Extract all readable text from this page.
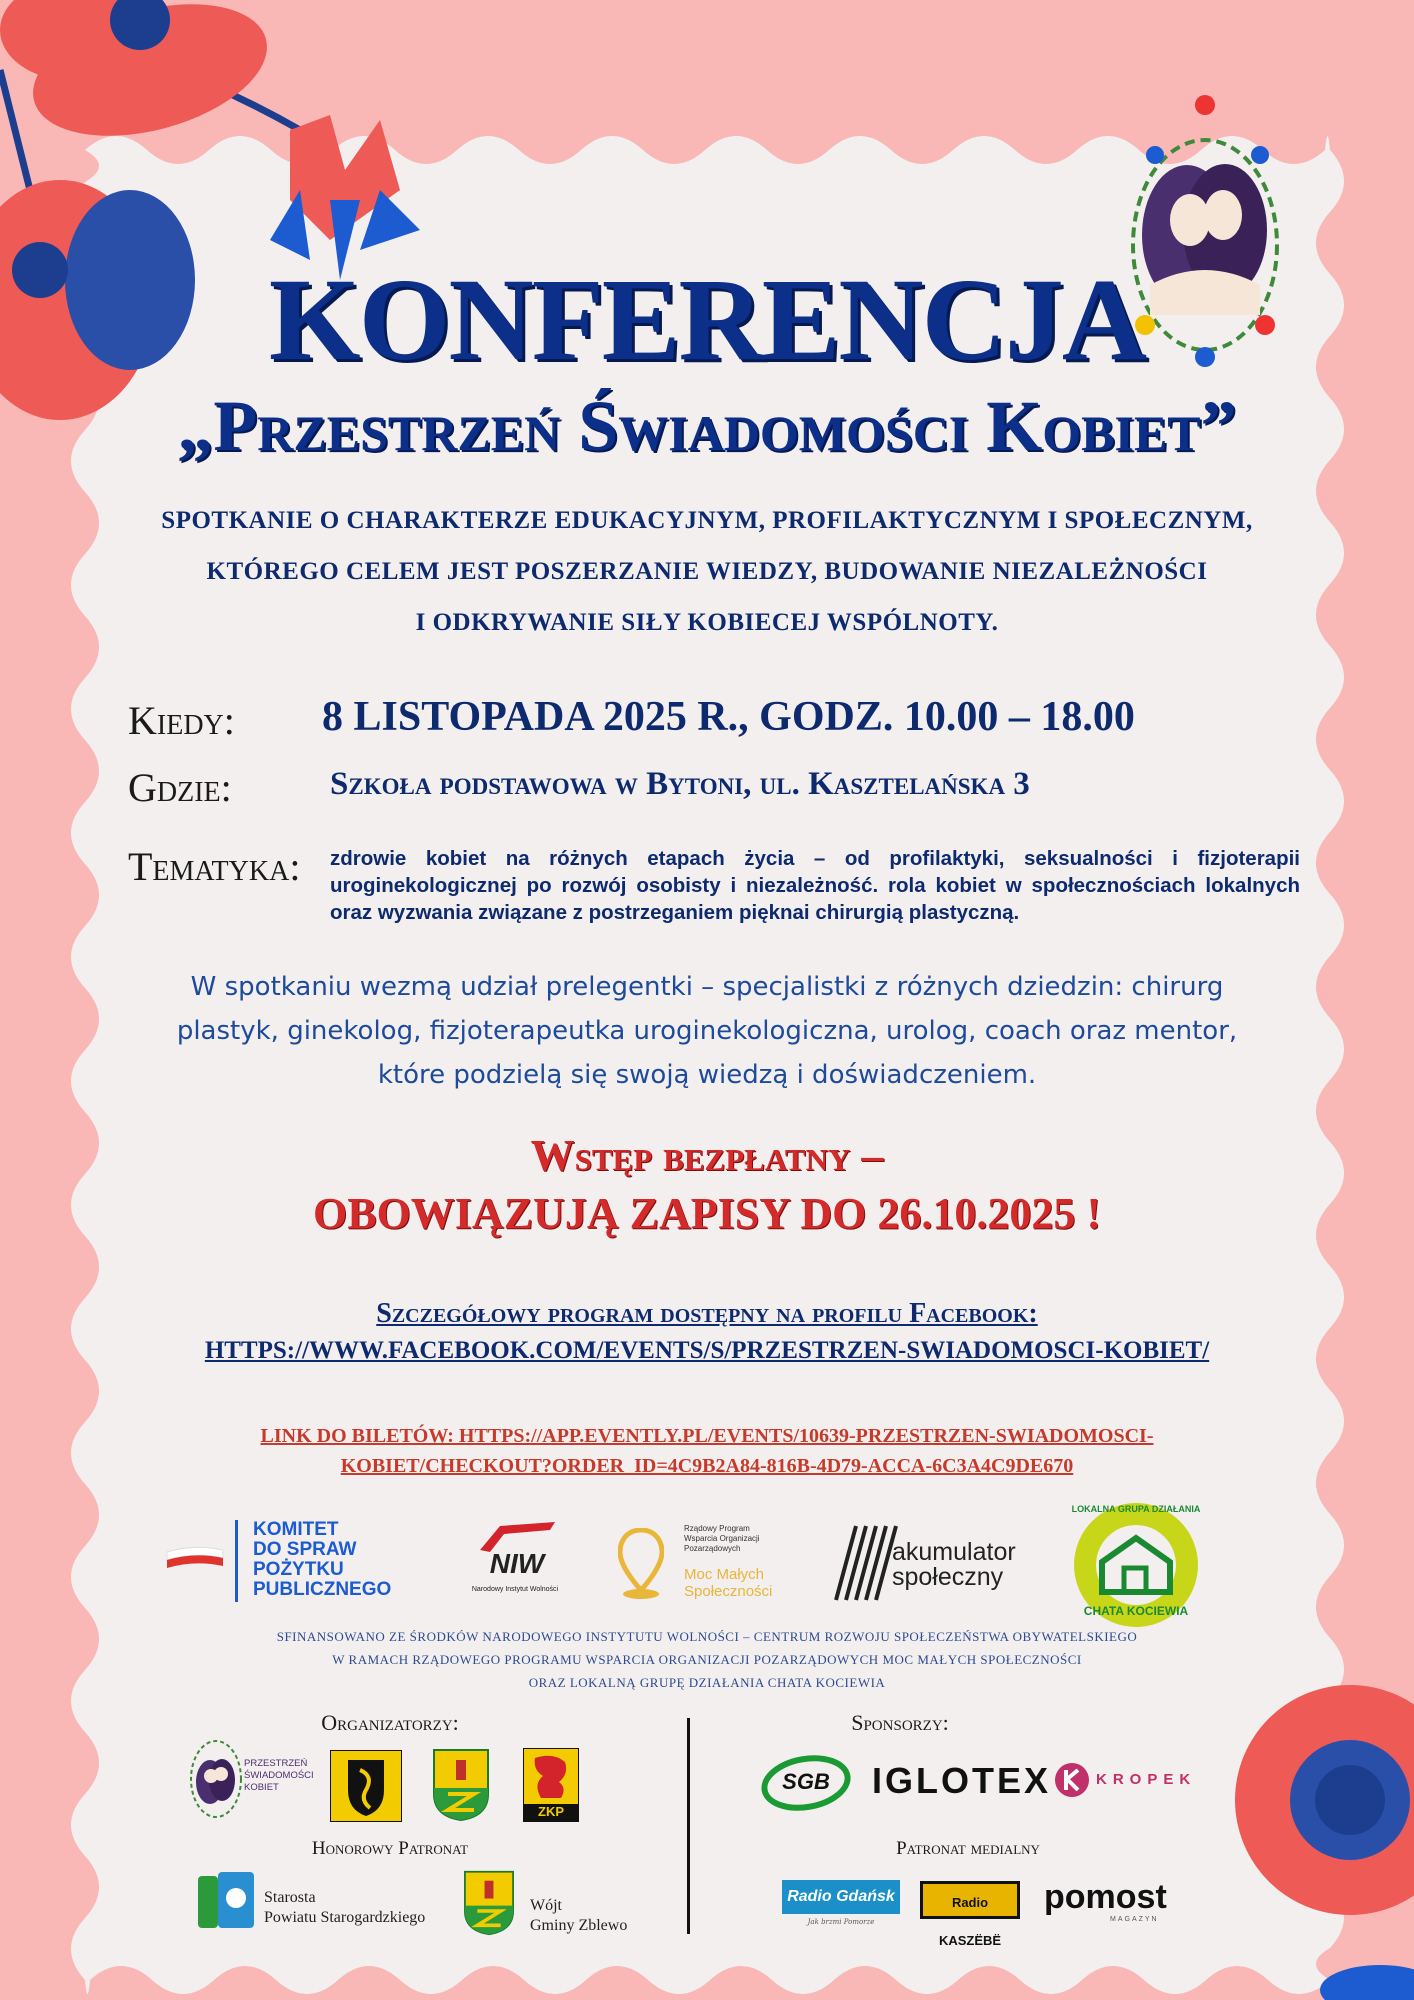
KONFERENCJA
„Przestrzeń Świadomości Kobiet”
SPOTKANIE O CHARAKTERZE EDUKACYJNYM, PROFILAKTYCZNYM I SPOŁECZNYM,
KTÓREGO CELEM JEST POSZERZANIE WIEDZY, BUDOWANIE NIEZALEŻNOŚCI
I ODKRYWANIE SIŁY KOBIECEJ WSPÓLNOTY.
Kiedy: 8 LISTOPADA 2025 R., GODZ. 10.00 – 18.00
Gdzie:	Szkoła podstawowa w Bytoni, ul. Kasztelańska 3
Tematyka: zdrowie kobiet na różnych etapach życia – od profilaktyki, seksualności i fizjoterapii uroginekologicznej po rozwój osobisty i niezależność. rola kobiet w społecznościach lokalnych oraz wyzwania związane z postrzeganiem pięknai chirurgią plastyczną.
W spotkaniu wezmą udział prelegentki – specjalistki z różnych dziedzin: chirurg
plastyk, ginekolog, fizjoterapeutka uroginekologiczna, urolog, coach oraz mentor,
które podzielą się swoją wiedzą i doświadczeniem.
Wstęp bezpłatny –
OBOWIĄZUJĄ ZAPISY DO 26.10.2025 !
Szczegółowy program dostępny na profilu Facebook:
HTTPS://WWW.FACEBOOK.COM/EVENTS/S/PRZESTRZEN-SWIADOMOSCI-KOBIET/
LINK DO BILETÓW: HTTPS://APP.EVENTLY.PL/EVENTS/10639-PRZESTRZEN-SWIADOMOSCI-
KOBIET/CHECKOUT?ORDER_ID=4C9B2A84-816B-4D79-ACCA-6C3A4C9DE670
KOMITET
DO SPRAW
POŻYTKU
PUBLICZNEGO
NIW
Narodowy Instytut Wolności
Rządowy Program
Wsparcia Organizacji
Pozarządowych
Moc Małych
Społeczności
akumulator
społeczny
LOKALNA GRUPA DZIAŁANIA
CHATA KOCIEWIA
SFINANSOWANO ZE ŚRODKÓW NARODOWEGO INSTYTUTU WOLNOŚCI – CENTRUM ROZWOJU SPOŁECZEŃSTWA OBYWATELSKIEGO
W RAMACH RZĄDOWEGO PROGRAMU WSPARCIA ORGANIZACJI POZARZĄDOWYCH MOC MAŁYCH SPOŁECZNOŚCI
ORAZ LOKALNĄ GRUPĘ DZIAŁANIA CHATA KOCIEWIA
Organizatorzy:
PRZESTRZEŃ
ŚWIADOMOŚCI
KOBIET
ZKP
Honorowy Patronat
Starosta
Powiatu Starogardzkiego
Wójt
Gminy Zblewo
Sponsorzy:
SGB	IGLOTEX	KROPEK
Patronat medialny
Radio Gdańsk
Jak brzmi Pomorze
Radio KASZËBË
pomost
MAGAZYN
